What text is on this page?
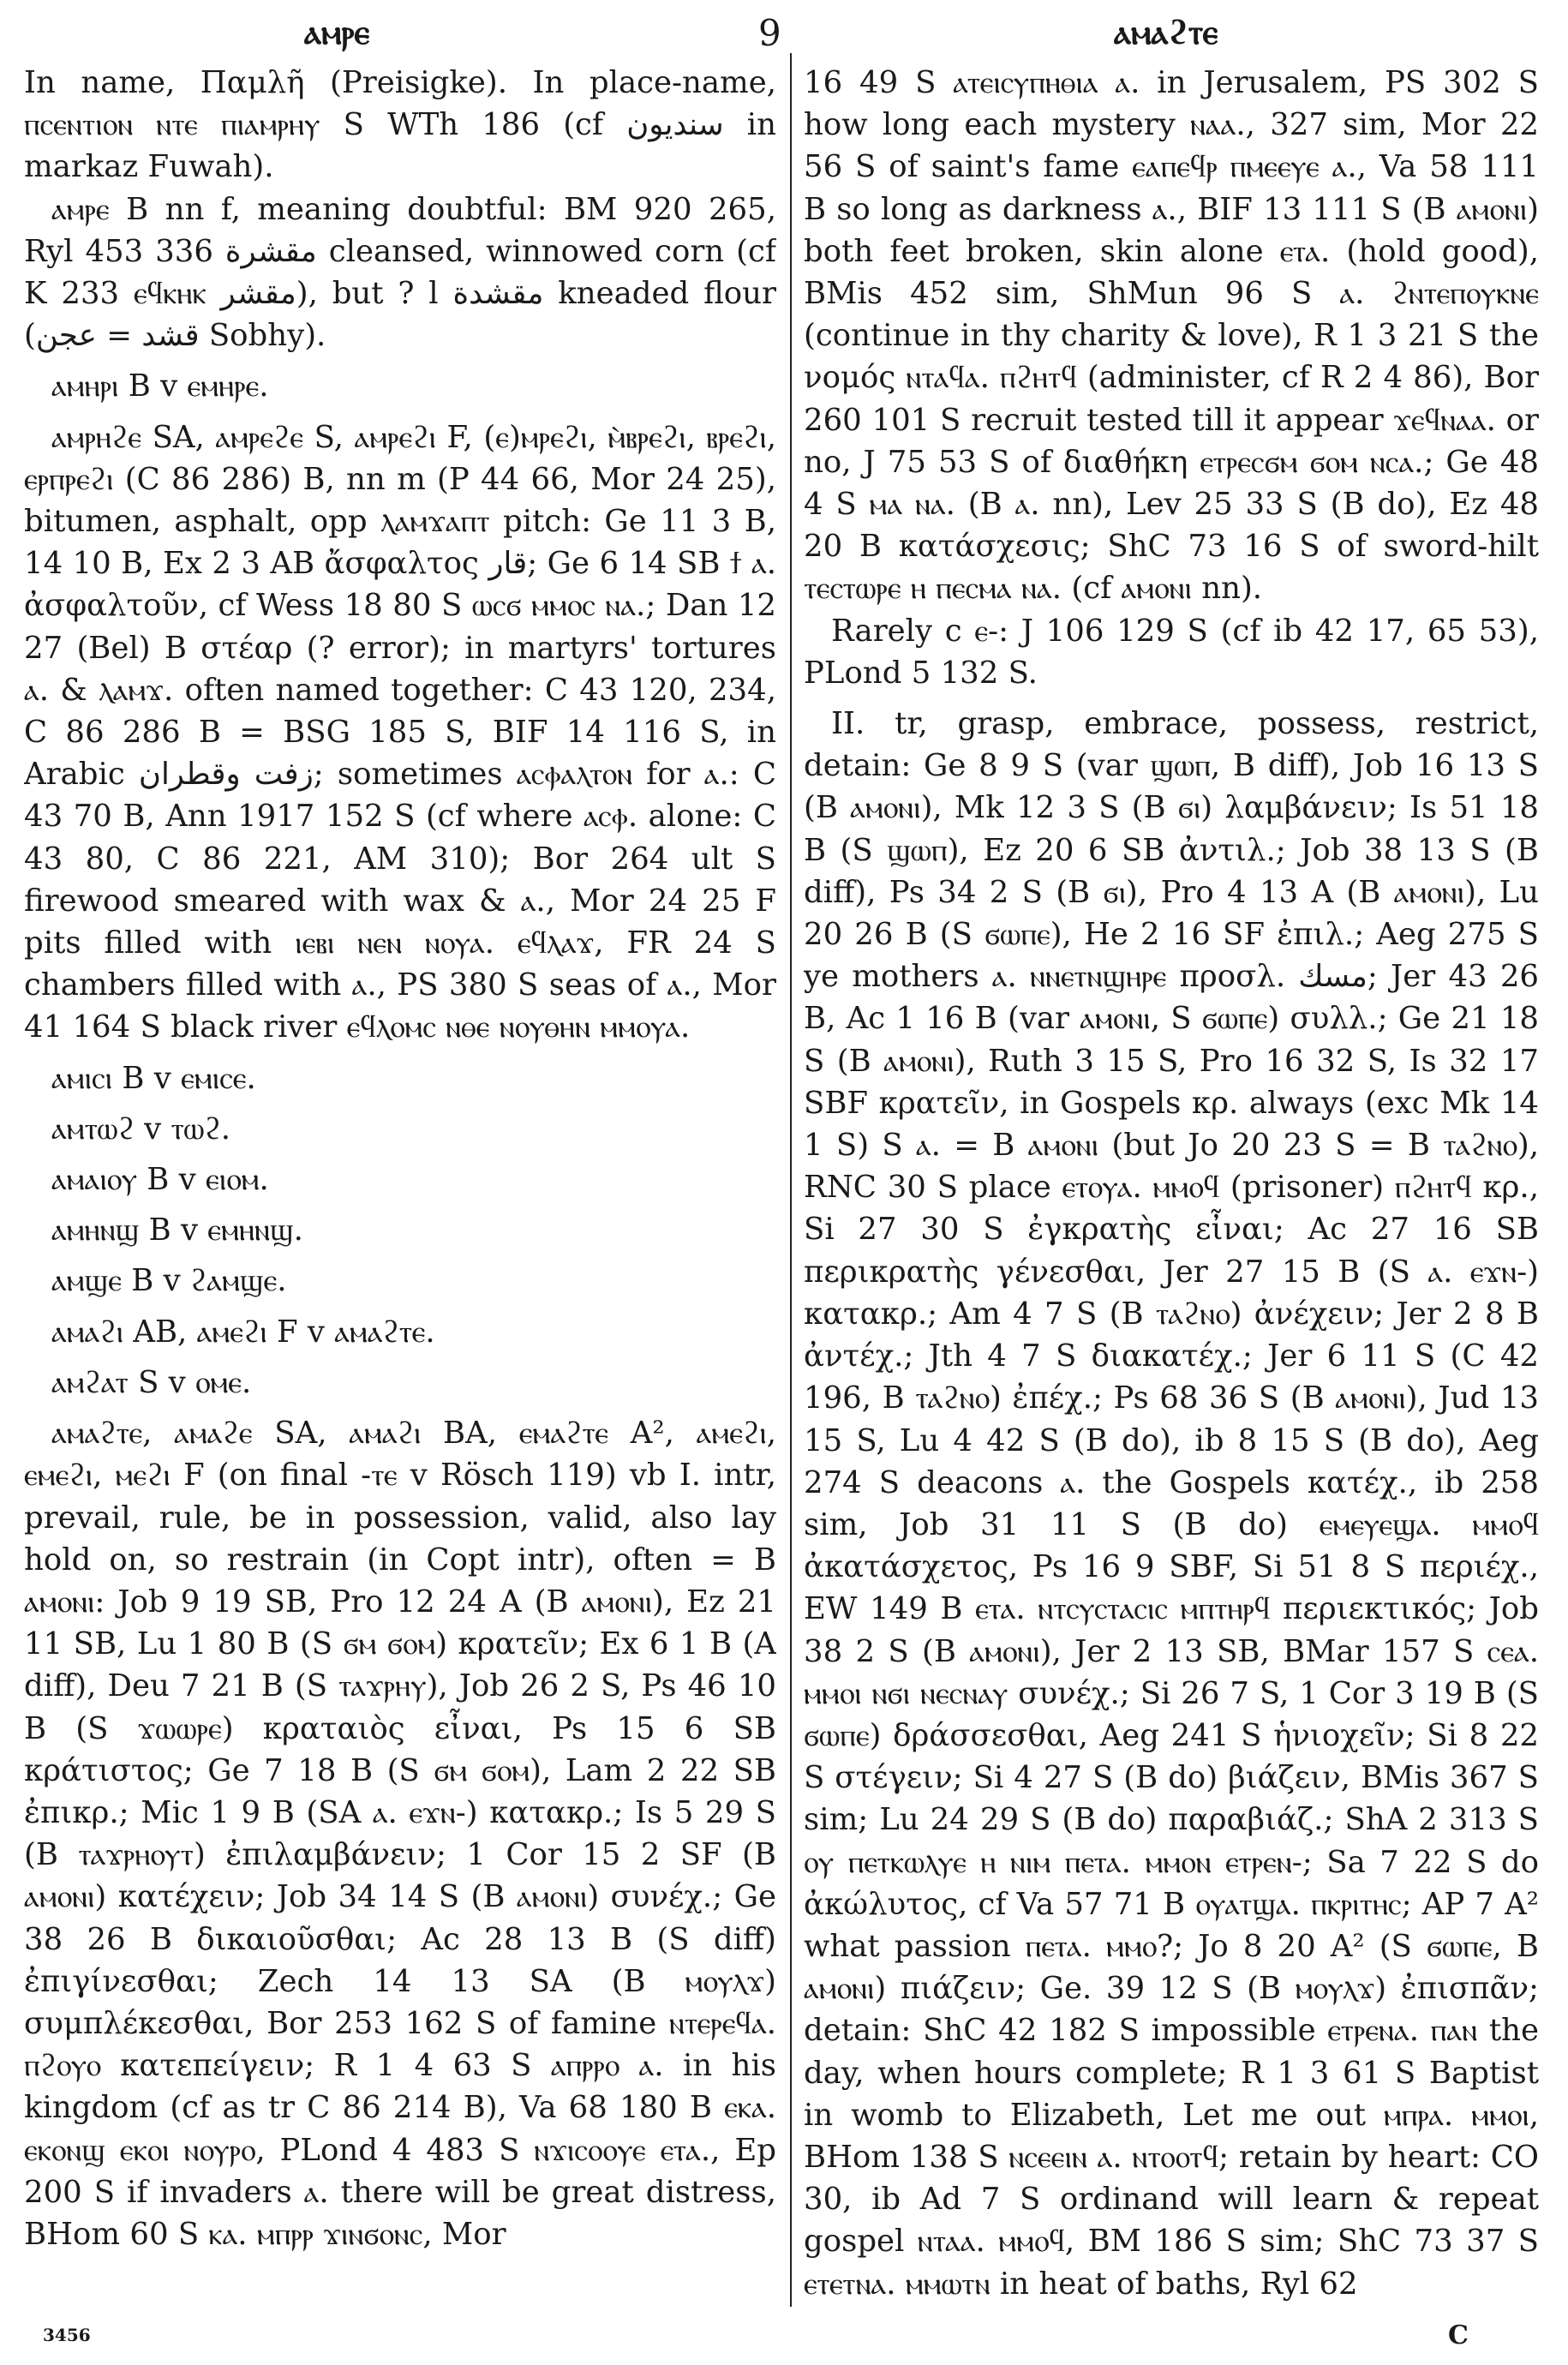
ⲁⲙⲣⲉ	9	ⲁⲙⲁϩⲧⲉ

In name, Παμλῆ (Preisigke). In place-name, ⲡⲥⲉⲛⲧⲓⲟⲛ ⲛⲧⲉ ⲡⲓⲁⲙⲣⲏⲩ S WTh 186 (cf سنديون in markaz Fuwah).

ⲁⲙⲣⲉ B nn f, meaning doubtful: BM 920 265, Ryl 453 336 مقشرة cleansed, winnowed corn (cf K 233 ⲉϥⲕⲏⲕ مقشر), but ? l مقشدة kneaded flour (قشد = عجن Sobhy).

ⲁⲙⲏⲣⲓ B v ⲉⲙⲏⲣⲉ.

ⲁⲙⲣⲏϩⲉ SA, ⲁⲙⲣⲉϩⲉ S, ⲁⲙⲣⲉϩⲓ F, (ⲉ)ⲙⲣⲉϩⲓ, ⲙ̀ⲃⲣⲉϩⲓ, ⲃⲣⲉϩⲓ, ⲉⲣⲡⲣⲉϩⲓ (C 86 286) B, nn m (P 44 66, Mor 24 25), bitumen, asphalt, opp ⲗⲁⲙϫⲁⲡⲧ pitch: Ge 11 3 B, 14 10 B, Ex 2 3 AB ἄσφαλτος قار; Ge 6 14 SB ϯ ⲁ. ἀσφαλτοῦν, cf Wess 18 80 S ⲱⲥϭ ⲙⲙⲟⲥ ⲛⲁ.; Dan 12 27 (Bel) B στέαρ (? error); in martyrs' tortures ⲁ. & ⲗⲁⲙϫ. often named together: C 43 120, 234, C 86 286 B = BSG 185 S, BIF 14 116 S, in Arabic زفت وقطران; sometimes ⲁⲥⲫⲁⲗⲧⲟⲛ for ⲁ.: C 43 70 B, Ann 1917 152 S (cf where ⲁⲥⲫ. alone: C 43 80, C 86 221, AM 310); Bor 264 ult S firewood smeared with wax & ⲁ., Mor 24 25 F pits filled with ⲓⲉⲃⲓ ⲛⲉⲛ ⲛⲟⲩⲁ. ⲉϥⲗⲁϫ, FR 24 S chambers filled with ⲁ., PS 380 S seas of ⲁ., Mor 41 164 S black river ⲉϥⲗⲟⲙⲥ ⲛⲑⲉ ⲛⲟⲩⲑⲏⲛ ⲙⲙⲟⲩⲁ.

ⲁⲙⲓⲥⲓ B v ⲉⲙⲓⲥⲉ.

ⲁⲙⲧⲱϩ v ⲧⲱϩ.

ⲁⲙⲁⲓⲟⲩ B v ⲉⲓⲟⲙ.

ⲁⲙⲏⲛϣ B v ⲉⲙⲏⲛϣ.

ⲁⲙϣⲉ B v ϩⲁⲙϣⲉ.

ⲁⲙⲁϩⲓ AB, ⲁⲙⲉϩⲓ F v ⲁⲙⲁϩⲧⲉ.

ⲁⲙϩⲁⲧ S v ⲟⲙⲉ.

ⲁⲙⲁϩⲧⲉ, ⲁⲙⲁϩⲉ SA, ⲁⲙⲁϩⲓ BA, ⲉⲙⲁϩⲧⲉ A², ⲁⲙⲉϩⲓ, ⲉⲙⲉϩⲓ, ⲙⲉϩⲓ F (on final -ⲧⲉ v Rösch 119) vb I. intr, prevail, rule, be in possession, valid, also lay hold on, so restrain (in Copt intr), often = B ⲁⲙⲟⲛⲓ: Job 9 19 SB, Pro 12 24 A (B ⲁⲙⲟⲛⲓ), Ez 21 11 SB, Lu 1 80 B (S ϭⲙ ϭⲟⲙ) κρατεῖν; Ex 6 1 B (A diff), Deu 7 21 B (S ⲧⲁϫⲣⲏⲩ), Job 26 2 S, Ps 46 10 B (S ϫⲱⲱⲣⲉ) κραταιὸς εἶναι, Ps 15 6 SB κράτιστος; Ge 7 18 B (S ϭⲙ ϭⲟⲙ), Lam 2 22 SB ἐπικρ.; Mic 1 9 B (SA ⲁ. ⲉϫⲛ-) κατακρ.; Is 5 29 S (B ⲧⲁϫⲣⲏⲟⲩⲧ) ἐπιλαμβάνειν; 1 Cor 15 2 SF (B ⲁⲙⲟⲛⲓ) κατέχειν; Job 34 14 S (B ⲁⲙⲟⲛⲓ) συνέχ.; Ge 38 26 B δικαιοῦσθαι; Ac 28 13 B (S diff) ἐπιγίνεσθαι; Zech 14 13 SA (B ⲙⲟⲩⲗϫ) συμπλέκεσθαι, Bor 253 162 S of famine ⲛⲧⲉⲣⲉϥⲁ. ⲡϩⲟⲩⲟ κατεπείγειν; R 1 4 63 S ⲁⲡⲣⲣⲟ ⲁ. in his kingdom (cf as tr C 86 214 B), Va 68 180 B ⲉⲕⲁ. ⲉⲕⲟⲛϣ ⲉⲕⲟⲓ ⲛⲟⲩⲣⲟ, PLond 4 483 S ⲛϫⲓⲥⲟⲟⲩⲉ ⲉⲧⲁ., Ep 200 S if invaders ⲁ. there will be great distress, BHom 60 S ⲕⲁ. ⲙⲡⲣⲣ ϫⲓⲛϭⲟⲛⲥ, Mor

16 49 S ⲁⲧⲉⲓⲥⲩⲡⲏⲑⲓⲁ ⲁ. in Jerusalem, PS 302 S how long each mystery ⲛⲁⲁ., 327 sim, Mor 22 56 S of saint's fame ⲉⲁⲡⲉϥⲣ ⲡⲙⲉⲉⲩⲉ ⲁ., Va 58 111 B so long as darkness ⲁ., BIF 13 111 S (B ⲁⲙⲟⲛⲓ) both feet broken, skin alone ⲉⲧⲁ. (hold good), BMis 452 sim, ShMun 96 S ⲁ. ϩⲛⲧⲉⲡⲟⲩⲕⲛⲉ (continue in thy charity & love), R 1 3 21 S the νομός ⲛⲧⲁϥⲁ. ⲡϩⲏⲧϥ (administer, cf R 2 4 86), Bor 260 101 S recruit tested till it appear ϫⲉϥⲛⲁⲁ. or no, J 75 53 S of διαθήκη ⲉⲧⲣⲉⲥϭⲙ ϭⲟⲙ ⲛⲥⲁ.; Ge 48 4 S ⲙⲁ ⲛⲁ. (B ⲁ. nn), Lev 25 33 S (B do), Ez 48 20 B κατάσχεσις; ShC 73 16 S of sword-hilt ⲧⲉⲥⲧⲱⲣⲉ ⲏ ⲡⲉⲥⲙⲁ ⲛⲁ. (cf ⲁⲙⲟⲛⲓ nn).

Rarely c ⲉ-: J 106 129 S (cf ib 42 17, 65 53), PLond 5 132 S.

II. tr, grasp, embrace, possess, restrict, detain: Ge 8 9 S (var ϣⲱⲡ, B diff), Job 16 13 S (B ⲁⲙⲟⲛⲓ), Mk 12 3 S (B ϭⲓ) λαμβάνειν; Is 51 18 B (S ϣⲱⲡ), Ez 20 6 SB ἀντιλ.; Job 38 13 S (B diff), Ps 34 2 S (B ϭⲓ), Pro 4 13 A (B ⲁⲙⲟⲛⲓ), Lu 20 26 B (S ϭⲱⲡⲉ), He 2 16 SF ἐπιλ.; Aeg 275 S ye mothers ⲁ. ⲛⲛⲉⲧⲛϣⲏⲣⲉ προσλ. مسك; Jer 43 26 B, Ac 1 16 B (var ⲁⲙⲟⲛⲓ, S ϭⲱⲡⲉ) συλλ.; Ge 21 18 S (B ⲁⲙⲟⲛⲓ), Ruth 3 15 S, Pro 16 32 S, Is 32 17 SBF κρατεῖν, in Gospels κρ. always (exc Mk 14 1 S) S ⲁ. = B ⲁⲙⲟⲛⲓ (but Jo 20 23 S = B ⲧⲁϩⲛⲟ), RNC 30 S place ⲉⲧⲟⲩⲁ. ⲙⲙⲟϥ (prisoner) ⲡϩⲏⲧϥ κρ., Si 27 30 S ἐγκρατὴς εἶναι; Ac 27 16 SB περικρατὴς γένεσθαι, Jer 27 15 B (S ⲁ. ⲉϫⲛ-) κατακρ.; Am 4 7 S (B ⲧⲁϩⲛⲟ) ἀνέχειν; Jer 2 8 B ἀντέχ.; Jth 4 7 S διακατέχ.; Jer 6 11 S (C 42 196, B ⲧⲁϩⲛⲟ) ἐπέχ.; Ps 68 36 S (B ⲁⲙⲟⲛⲓ), Jud 13 15 S, Lu 4 42 S (B do), ib 8 15 S (B do), Aeg 274 S deacons ⲁ. the Gospels κατέχ., ib 258 sim, Job 31 11 S (B do) ⲉⲙⲉⲩⲉϣⲁ. ⲙⲙⲟϥ ἀκατάσχετος, Ps 16 9 SBF, Si 51 8 S περιέχ., EW 149 B ⲉⲧⲁ. ⲛⲧⲥⲩⲥⲧⲁⲥⲓⲥ ⲙⲡⲧⲏⲣϥ περιεκτικός; Job 38 2 S (B ⲁⲙⲟⲛⲓ), Jer 2 13 SB, BMar 157 S ⲥⲉⲁ. ⲙⲙⲟⲓ ⲛϭⲓ ⲛⲉⲥⲛⲁⲩ συνέχ.; Si 26 7 S, 1 Cor 3 19 B (S ϭⲱⲡⲉ) δράσσεσθαι, Aeg 241 S ἡνιοχεῖν; Si 8 22 S στέγειν; Si 4 27 S (B do) βιάζειν, BMis 367 S sim; Lu 24 29 S (B do) παραβιάζ.; ShA 2 313 S ⲟⲩ ⲡⲉⲧⲕⲱⲗⲩⲉ ⲏ ⲛⲓⲙ ⲡⲉⲧⲁ. ⲙⲙⲟⲛ ⲉⲧⲣⲉⲛ-; Sa 7 22 S do ἀκώλυτος, cf Va 57 71 B ⲟⲩⲁⲧϣⲁ. ⲡⲕⲣⲓⲧⲏⲥ; AP 7 A² what passion ⲡⲉⲧⲁ. ⲙⲙⲟ?; Jo 8 20 A² (S ϭⲱⲡⲉ, B ⲁⲙⲟⲛⲓ) πιάζειν; Ge. 39 12 S (B ⲙⲟⲩⲗϫ) ἐπισπᾶν; detain: ShC 42 182 S impossible ⲉⲧⲣⲉⲛⲁ. ⲡⲁⲛ the day, when hours complete; R 1 3 61 S Baptist in womb to Elizabeth, Let me out ⲙⲡⲣⲁ. ⲙⲙⲟⲓ, BHom 138 S ⲛⲥⲉⲉⲓⲛ ⲁ. ⲛⲧⲟⲟⲧϥ; retain by heart: CO 30, ib Ad 7 S ordinand will learn & repeat gospel ⲛⲧⲁⲁ. ⲙⲙⲟϥ, BM 186 S sim; ShC 73 37 S ⲉⲧⲉⲧⲛⲁ. ⲙⲙⲱⲧⲛ in heat of baths, Ryl 62

3456	C
